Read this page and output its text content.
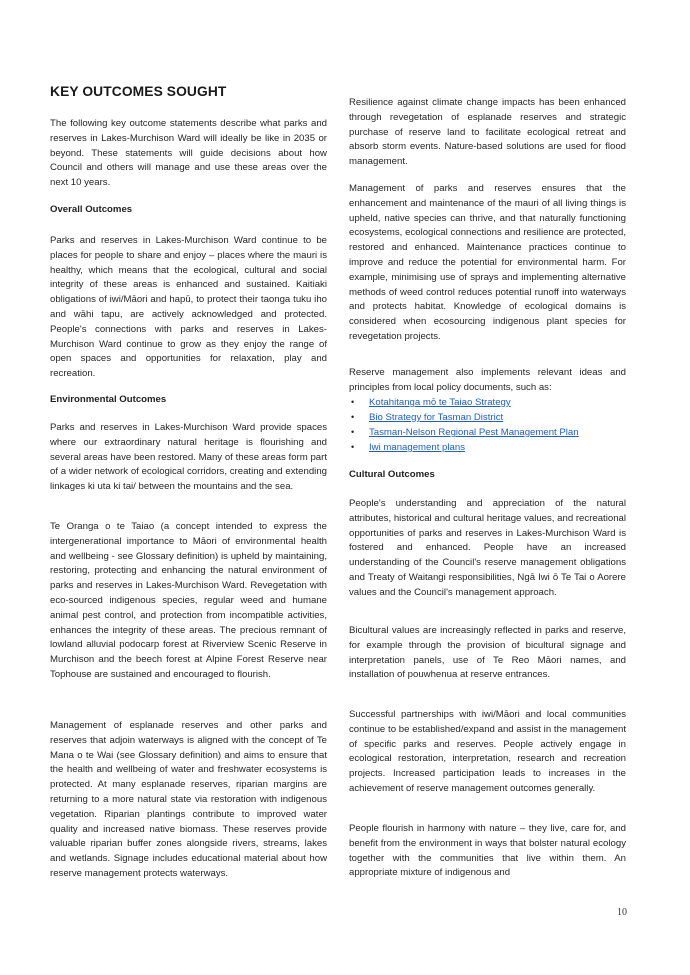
KEY OUTCOMES SOUGHT

The following key outcome statements describe what parks and reserves in Lakes-Murchison Ward will ideally be like in 2035 or beyond. These statements will guide decisions about how Council and others will manage and use these areas over the next 10 years.

Overall Outcomes

Parks and reserves in Lakes-Murchison Ward continue to be places for people to share and enjoy – places where the mauri is healthy, which means that the ecological, cultural and social integrity of these areas is enhanced and sustained. Kaitiaki obligations of iwi/Māori and hapū, to protect their taonga tuku iho and wāhi tapu, are actively acknowledged and protected. People's connections with parks and reserves in Lakes-Murchison Ward continue to grow as they enjoy the range of open spaces and opportunities for relaxation, play and recreation.

Environmental Outcomes

Parks and reserves in Lakes-Murchison Ward provide spaces where our extraordinary natural heritage is flourishing and several areas have been restored. Many of these areas form part of a wider network of ecological corridors, creating and extending linkages ki uta ki tai/ between the mountains and the sea.

Te Oranga o te Taiao (a concept intended to express the intergenerational importance to Māori of environmental health and wellbeing - see Glossary definition) is upheld by maintaining, restoring, protecting and enhancing the natural environment of parks and reserves in Lakes-Murchison Ward. Revegetation with eco-sourced indigenous species, regular weed and humane animal pest control, and protection from incompatible activities, enhances the integrity of these areas. The precious remnant of lowland alluvial podocarp forest at Riverview Scenic Reserve in Murchison and the beech forest at Alpine Forest Reserve near Tophouse are sustained and encouraged to flourish.

Management of esplanade reserves and other parks and reserves that adjoin waterways is aligned with the concept of Te Mana o te Wai (see Glossary definition) and aims to ensure that the health and wellbeing of water and freshwater ecosystems is protected. At many esplanade reserves, riparian margins are returning to a more natural state via restoration with indigenous vegetation. Riparian plantings contribute to improved water quality and increased native biomass. These reserves provide valuable riparian buffer zones alongside rivers, streams, lakes and wetlands. Signage includes educational material about how reserve management protects waterways.

Resilience against climate change impacts has been enhanced through revegetation of esplanade reserves and strategic purchase of reserve land to facilitate ecological retreat and absorb storm events. Nature-based solutions are used for flood management.

Management of parks and reserves ensures that the enhancement and maintenance of the mauri of all living things is upheld, native species can thrive, and that naturally functioning ecosystems, ecological connections and resilience are protected, restored and enhanced. Maintenance practices continue to improve and reduce the potential for environmental harm. For example, minimising use of sprays and implementing alternative methods of weed control reduces potential runoff into waterways and protects habitat. Knowledge of ecological domains is considered when ecosourcing indigenous plant species for revegetation projects.

Reserve management also implements relevant ideas and principles from local policy documents, such as:

• Kotahitanga mō te Taiao Strategy
• Bio Strategy for Tasman District
• Tasman-Nelson Regional Pest Management Plan
• Iwi management plans
Cultural Outcomes

People's understanding and appreciation of the natural attributes, historical and cultural heritage values, and recreational opportunities of parks and reserves in Lakes-Murchison Ward is fostered and enhanced. People have an increased understanding of the Council's reserve management obligations and Treaty of Waitangi responsibilities, Ngā Iwi ō Te Tai o Aorere values and the Council's management approach.

Bicultural values are increasingly reflected in parks and reserve, for example through the provision of bicultural signage and interpretation panels, use of Te Reo Māori names, and installation of pouwhenua at reserve entrances.

Successful partnerships with iwi/Māori and local communities continue to be established/expand and assist in the management of specific parks and reserves. People actively engage in ecological restoration, interpretation, research and recreation projects. Increased participation leads to increases in the achievement of reserve management outcomes generally.

People flourish in harmony with nature – they live, care for, and benefit from the environment in ways that bolster natural ecology together with the communities that live within them. An appropriate mixture of indigenous and

10
